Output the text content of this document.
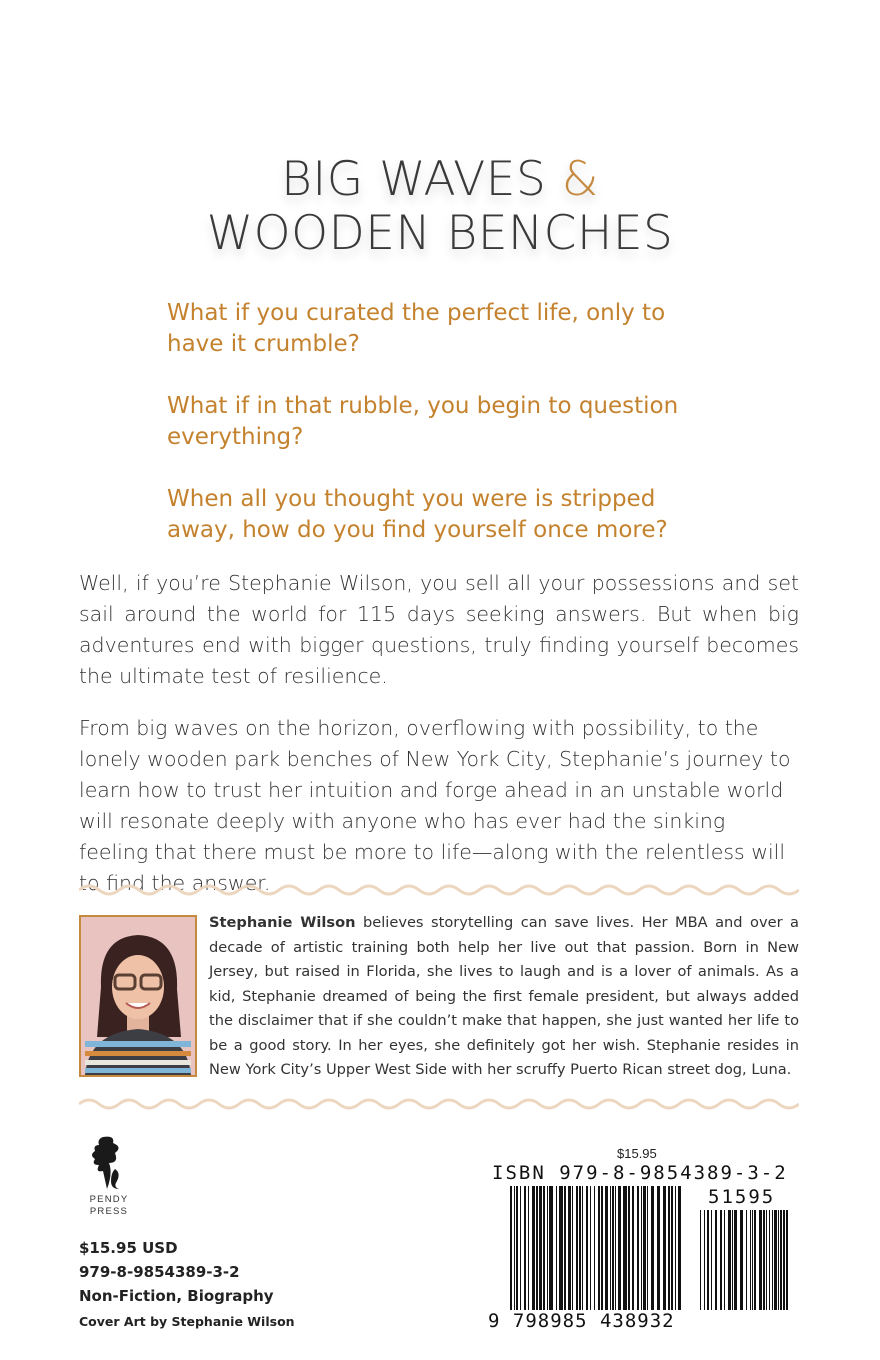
BIG WAVES &
WOODEN BENCHES

What if you curated the perfect life, only to have it crumble?

What if in that rubble, you begin to question everything?

When all you thought you were is stripped away, how do you find yourself once more?

Well, if you’re Stephanie Wilson, you sell all your possessions and set sail around the world for 115 days seeking answers. But when big adventures end with bigger questions, truly finding yourself becomes the ultimate test of resilience.

From big waves on the horizon, overflowing with possibility, to the lonely wooden park benches of New York City, Stephanie’s journey to learn how to trust her intuition and forge ahead in an unstable world will resonate deeply with anyone who has ever had the sinking feeling that there must be more to life—along with the relentless will to find the answer.

Stephanie Wilson believes storytelling can save lives. Her MBA and over a decade of artistic training both help her live out that passion. Born in New Jersey, but raised in Florida, she lives to laugh and is a lover of animals. As a kid, Stephanie dreamed of being the first female president, but always added the disclaimer that if she couldn’t make that happen, she just wanted her life to be a good story. In her eyes, she definitely got her wish. Stephanie resides in New York City’s Upper West Side with her scruffy Puerto Rican street dog, Luna.

PENDY
PRESS
$15.95 USD
979-8-9854389-3-2
Non-Fiction, Biography
Cover Art by Stephanie Wilson
$15.95
ISBN 979-8-9854389-3-2
51595
9 798985 438932
